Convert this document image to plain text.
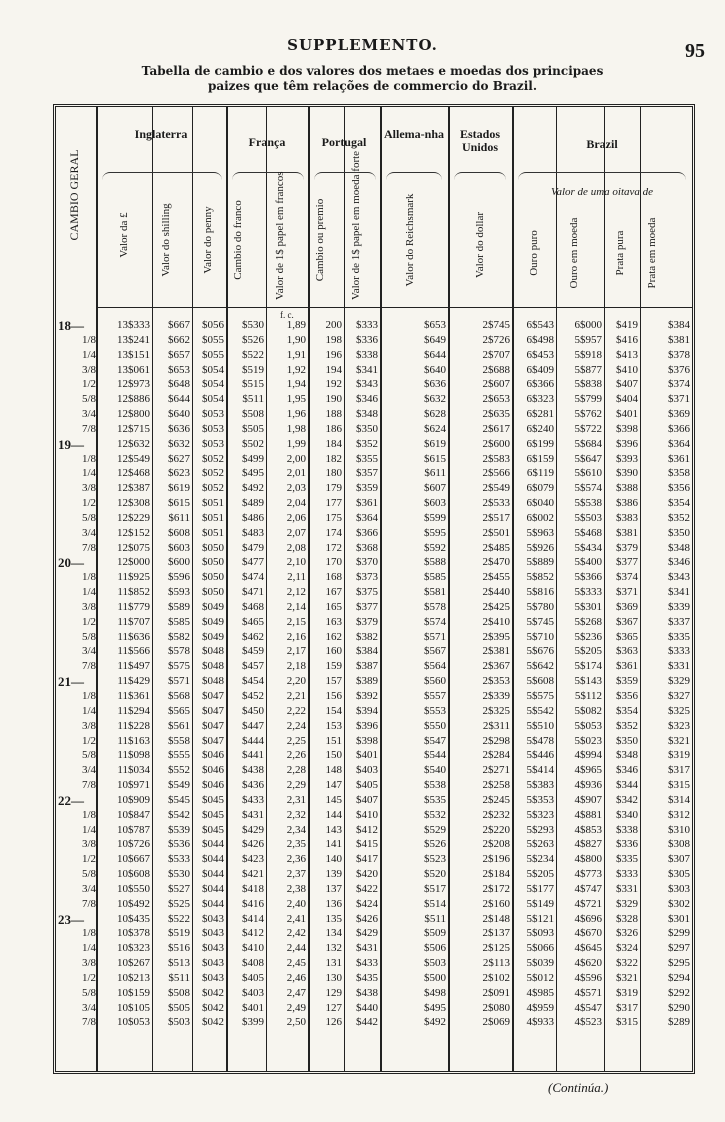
SUPPLEMENTO.	95
Tabella de cambio e dos valores dos metaes e moedas dos principaes
paizes que têm relações de commercio do Brazil.
CAMBIO GERAL
Inglaterra
França	Portugal
Allema-nha	Estados Unidos	Brazil
Valor de uma oitava de
Valor da £	Valor do shilling	Valor do penny Cambio do franco	Valor de 1$ papel em francos	Cambio ou premio Valor de 1$ papel em moeda forte	Valor do Reichsmark	Valor do dollar	Ouro puro	Ouro em moeda	Prata pura Prata em moeda
f. c.
18—	13$333 $667 $056 $530 1,89 200 $333	$653	2$745 6$543 6$000 $419	$384
1/8 13$241 $662 $055 $526 1,90 198 $336	$649	2$726 6$498 5$957 $416	$381
1/4 13$151 $657 $055 $522 1,91 196 $338	$644	2$707 6$453 5$918 $413	$378
3/8 13$061 $653 $054 $519 1,92 194 $341	$640	2$688 6$409 5$877 $410	$376
1/2 12$973 $648 $054 $515 1,94 192 $343	$636	2$607 6$366 5$838 $407	$374
5/8 12$886 $644 $054 $511 1,95 190 $346	$632	2$653 6$323 5$799 $404	$371
3/4 12$800 $640 $053 $508 1,96 188 $348	$628	2$635 6$281 5$762 $401	$369
7/8 12$715 $636 $053 $505 1,98 186 $350	$624	2$617 6$240 5$722 $398	$366
19—	12$632 $632 $053 $502 1,99 184 $352	$619	2$600 6$199 5$684 $396	$364
1/8 12$549 $627 $052 $499 2,00 182 $355	$615	2$583 6$159 5$647 $393	$361
1/4 12$468 $623 $052 $495 2,01 180 $357	$611	2$566 6$119 5$610 $390	$358
3/8 12$387 $619 $052 $492 2,03 179 $359	$607	2$549 6$079 5$574 $388	$356
1/2 12$308 $615 $051 $489 2,04 177 $361	$603	2$533 6$040 5$538 $386	$354
5/8 12$229 $611 $051 $486 2,06 175 $364	$599	2$517 6$002 5$503 $383	$352
3/4 12$152 $608 $051 $483 2,07 174 $366	$595	2$501 5$963 5$468 $381	$350
7/8 12$075 $603 $050 $479 2,08 172 $368	$592	2$485 5$926 5$434 $379	$348
20—	12$000 $600 $050 $477 2,10 170 $370	$588	2$470 5$889 5$400 $377	$346
1/8 11$925 $596 $050 $474 2,11 168 $373	$585	2$455 5$852 5$366 $374	$343
1/4 11$852 $593 $050 $471 2,12 167 $375	$581	2$440 5$816 5$333 $371	$341
3/8 11$779 $589 $049 $468 2,14 165 $377	$578	2$425 5$780 5$301 $369	$339
1/2 11$707 $585 $049 $465 2,15 163 $379	$574	2$410 5$745 5$268 $367	$337
5/8 11$636 $582 $049 $462 2,16 162 $382	$571	2$395 5$710 5$236 $365	$335
3/4 11$566 $578 $048 $459 2,17 160 $384	$567	2$381 5$676 5$205 $363	$333
7/8 11$497 $575 $048 $457 2,18 159 $387	$564	2$367 5$642 5$174 $361	$331
21—	11$429 $571 $048 $454 2,20 157 $389	$560	2$353 5$608 5$143 $359	$329
1/8 11$361 $568 $047 $452 2,21 156 $392	$557	2$339 5$575 5$112 $356	$327
1/4 11$294 $565 $047 $450 2,22 154 $394	$553	2$325 5$542 5$082 $354	$325
3/8 11$228 $561 $047 $447 2,24 153 $396	$550	2$311 5$510 5$053 $352	$323
1/2 11$163 $558 $047 $444 2,25 151 $398	$547	2$298 5$478 5$023 $350	$321
5/8 11$098 $555 $046 $441 2,26 150 $401	$544	2$284 5$446 4$994 $348	$319
3/4 11$034 $552 $046 $438 2,28 148 $403	$540	2$271 5$414 4$965 $346	$317
7/8 10$971 $549 $046 $436 2,29 147 $405	$538	2$258 5$383 4$936 $344	$315
22—	10$909 $545 $045 $433 2,31 145 $407	$535	2$245 5$353 4$907 $342	$314
1/8 10$847 $542 $045 $431 2,32 144 $410	$532	2$232 5$323 4$881 $340	$312
1/4 10$787 $539 $045 $429 2,34 143 $412	$529	2$220 5$293 4$853 $338	$310
3/8 10$726 $536 $044 $426 2,35 141 $415	$526	2$208 5$263 4$827 $336	$308
1/2 10$667 $533 $044 $423 2,36 140 $417	$523	2$196 5$234 4$800 $335	$307
5/8 10$608 $530 $044 $421 2,37 139 $420	$520	2$184 5$205 4$773 $333	$305
3/4 10$550 $527 $044 $418 2,38 137 $422	$517	2$172 5$177 4$747 $331	$303
7/8 10$492 $525 $044 $416 2,40 136 $424	$514	2$160 5$149 4$721 $329	$302
23—	10$435 $522 $043 $414 2,41 135 $426	$511	2$148 5$121 4$696 $328	$301
1/8 10$378 $519 $043 $412 2,42 134 $429	$509	2$137 5$093 4$670 $326	$299
1/4 10$323 $516 $043 $410 2,44 132 $431	$506	2$125 5$066 4$645 $324	$297
3/8 10$267 $513 $043 $408 2,45 131 $433	$503	2$113 5$039 4$620 $322	$295
1/2 10$213 $511 $043 $405 2,46 130 $435	$500	2$102 5$012 4$596 $321	$294
5/8 10$159 $508 $042 $403 2,47 129 $438	$498	2$091 4$985 4$571 $319	$292
3/4 10$105 $505 $042 $401 2,49 127 $440	$495	2$080 4$959 4$547 $317	$290
7/8 10$053 $503 $042 $399 2,50 126 $442	$492	2$069 4$933 4$523 $315	$289
(Continúa.)
